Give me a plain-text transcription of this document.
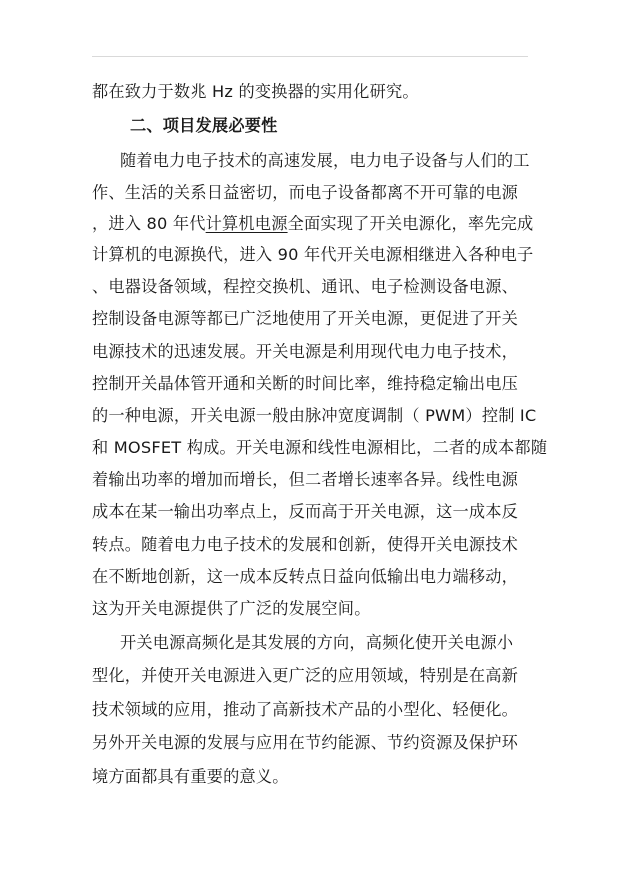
都在致力于数兆 Hz 的变换器的实用化研究。
二、项目发展必要性
随着电力电子技术的高速发展，电力电子设备与人们的工
作、生活的关系日益密切，而电子设备都离不开可靠的电源
，进入 80 年代计算机电源全面实现了开关电源化，率先完成
计算机的电源换代，进入 90 年代开关电源相继进入各种电子
、电器设备领域，程控交换机、通讯、电子检测设备电源、
控制设备电源等都已广泛地使用了开关电源，更促进了开关
电源技术的迅速发展。开关电源是利用现代电力电子技术，
控制开关晶体管开通和关断的时间比率，维持稳定输出电压
的一种电源，开关电源一般由脉冲宽度调制（ PWM）控制 IC
和 MOSFET 构成。开关电源和线性电源相比，二者的成本都随
着输出功率的增加而增长，但二者增长速率各异。线性电源
成本在某一输出功率点上，反而高于开关电源，这一成本反
转点。随着电力电子技术的发展和创新，使得开关电源技术
在不断地创新，这一成本反转点日益向低输出电力端移动，
这为开关电源提供了广泛的发展空间。
开关电源高频化是其发展的方向，高频化使开关电源小
型化，并使开关电源进入更广泛的应用领域，特别是在高新
技术领域的应用，推动了高新技术产品的小型化、轻便化。
另外开关电源的发展与应用在节约能源、节约资源及保护环
境方面都具有重要的意义。
